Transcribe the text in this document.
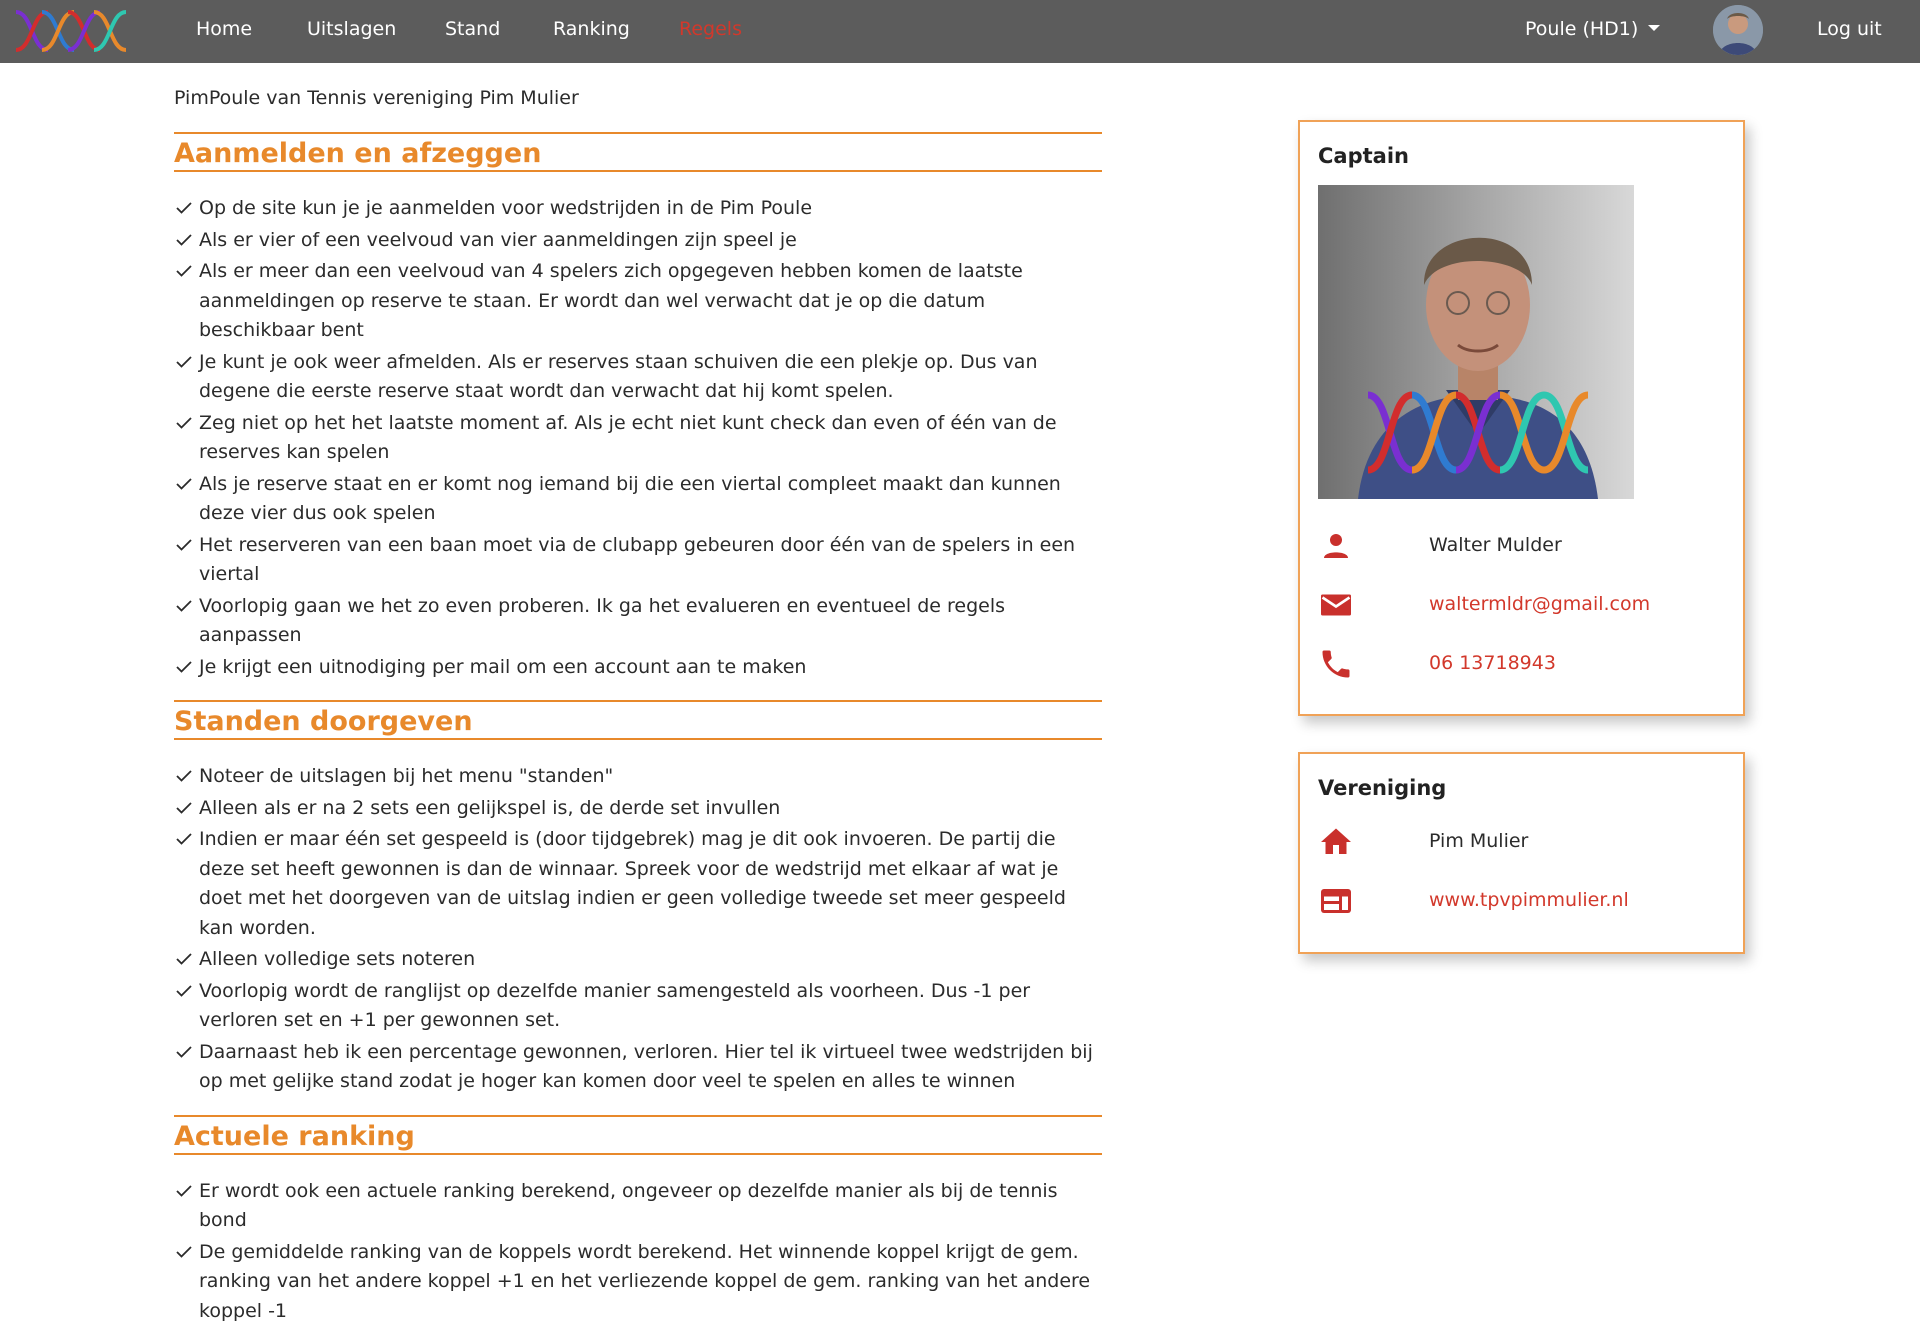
Home	Uitslagen	Stand	Ranking	Regels	Poule (HD1)	Log uit

PimPoule van Tennis vereniging Pim Mulier

Aanmelden en afzeggen
Op de site kun je je aanmelden voor wedstrijden in de Pim Poule
Als er vier of een veelvoud van vier aanmeldingen zijn speel je
Als er meer dan een veelvoud van 4 spelers zich opgegeven hebben komen de laatste aanmeldingen op reserve te staan. Er wordt dan wel verwacht dat je op die datum beschikbaar bent
Je kunt je ook weer afmelden. Als er reserves staan schuiven die een plekje op. Dus van degene die eerste reserve staat wordt dan verwacht dat hij komt spelen.
Zeg niet op het het laatste moment af. Als je echt niet kunt check dan even of één van de reserves kan spelen
Als je reserve staat en er komt nog iemand bij die een viertal compleet maakt dan kunnen deze vier dus ook spelen
Het reserveren van een baan moet via de clubapp gebeuren door één van de spelers in een viertal
Voorlopig gaan we het zo even proberen. Ik ga het evalueren en eventueel de regels aanpassen
Je krijgt een uitnodiging per mail om een account aan te maken
Standen doorgeven
Noteer de uitslagen bij het menu "standen"
Alleen als er na 2 sets een gelijkspel is, de derde set invullen
Indien er maar één set gespeeld is (door tijdgebrek) mag je dit ook invoeren. De partij die deze set heeft gewonnen is dan de winnaar. Spreek voor de wedstrijd met elkaar af wat je doet met het doorgeven van de uitslag indien er geen volledige tweede set meer gespeeld kan worden.
Alleen volledige sets noteren
Voorlopig wordt de ranglijst op dezelfde manier samengesteld als voorheen. Dus -1 per verloren set en +1 per gewonnen set.
Daarnaast heb ik een percentage gewonnen, verloren. Hier tel ik virtueel twee wedstrijden bij op met gelijke stand zodat je hoger kan komen door veel te spelen en alles te winnen
Actuele ranking
Er wordt ook een actuele ranking berekend, ongeveer op dezelfde manier als bij de tennis bond
De gemiddelde ranking van de koppels wordt berekend. Het winnende koppel krijgt de gem. ranking van het andere koppel +1 en het verliezende koppel de gem. ranking van het andere koppel -1
Captain
Walter Mulder
waltermldr@gmail.com
06 13718943
Vereniging
Pim Mulier
www.tpvpimmulier.nl
